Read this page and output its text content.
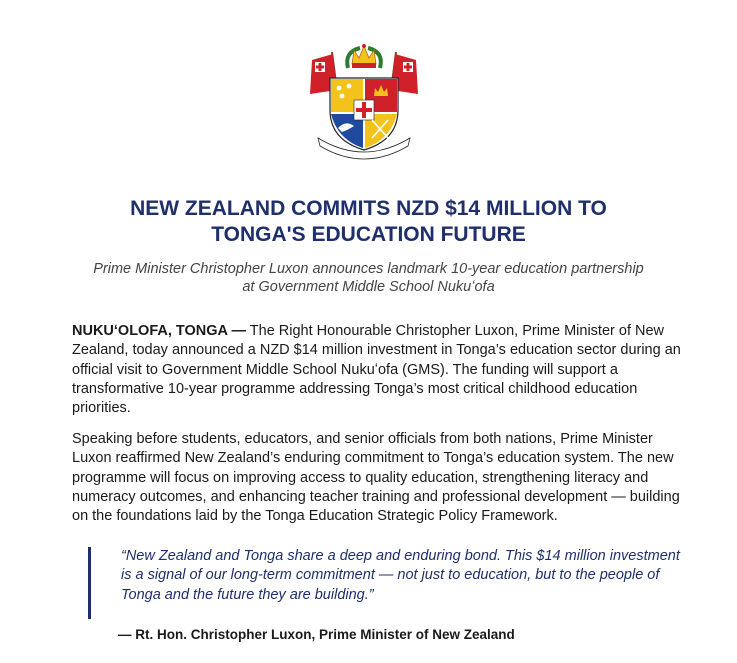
NEW ZEALAND COMMITS NZD $14 MILLION TO
TONGA'S EDUCATION FUTURE

Prime Minister Christopher Luxon announces landmark 10-year education partnership
at Government Middle School Nukuʻofa

NUKUʻOLOFA, TONGA — The Right Honourable Christopher Luxon, Prime Minister of New Zealand, today announced a NZD $14 million investment in Tonga’s education sector during an official visit to Government Middle School Nukuʻofa (GMS). The funding will support a transformative 10-year programme addressing Tonga’s most critical childhood education priorities.

Speaking before students, educators, and senior officials from both nations, Prime Minister Luxon reaffirmed New Zealand’s enduring commitment to Tonga’s education system. The new programme will focus on improving access to quality education, strengthening literacy and numeracy outcomes, and enhancing teacher training and professional development — building on the foundations laid by the Tonga Education Strategic Policy Framework.

“New Zealand and Tonga share a deep and enduring bond. This $14 million investment is a signal of our long-term commitment — not just to education, but to the people of Tonga and the future they are building.”

— Rt. Hon. Christopher Luxon, Prime Minister of New Zealand
